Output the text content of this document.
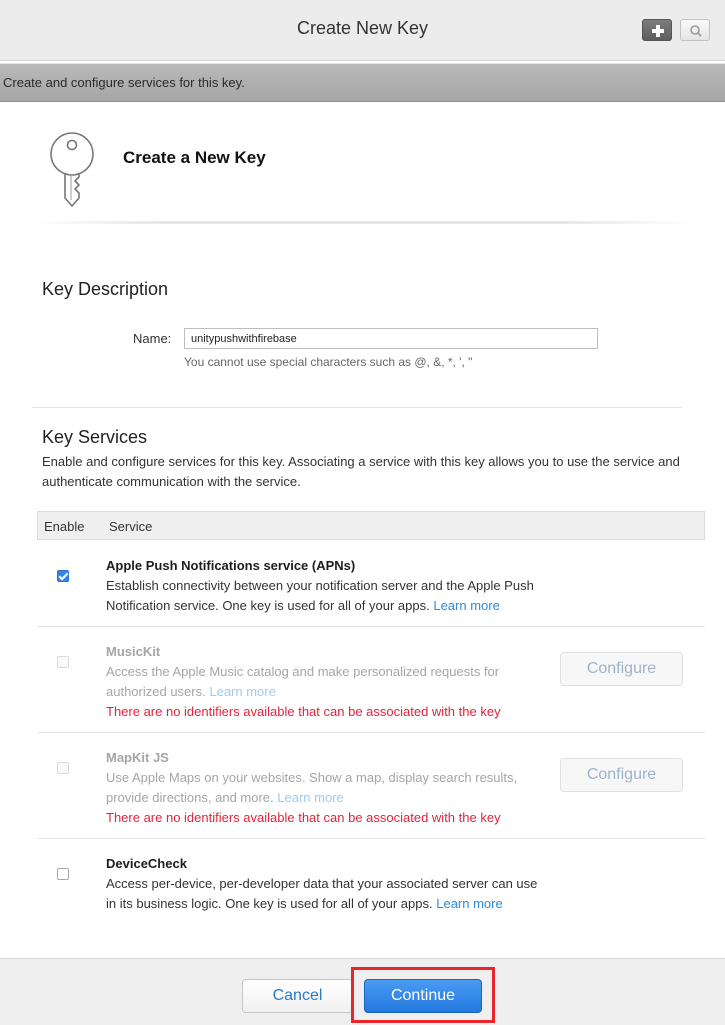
Create New Key
Create and configure services for this key.
Create a New Key
Key Description
Name:
unitypushwithfirebase
You cannot use special characters such as @, &, *, ', "
Key Services
Enable and configure services for this key. Associating a service with this key allows you to use the service and authenticate communication with the service.
Enable Service
Apple Push Notifications service (APNs)
Establish connectivity between your notification server and the Apple Push Notification service. One key is used for all of your apps. Learn more
MusicKit
Access the Apple Music catalog and make personalized requests for authorized users. Learn more
There are no identifiers available that can be associated with the key
Configure
MapKit JS
Use Apple Maps on your websites. Show a map, display search results, provide directions, and more. Learn more
There are no identifiers available that can be associated with the key
Configure
DeviceCheck
Access per-device, per-developer data that your associated server can use in its business logic. One key is used for all of your apps. Learn more
Cancel	Continue
